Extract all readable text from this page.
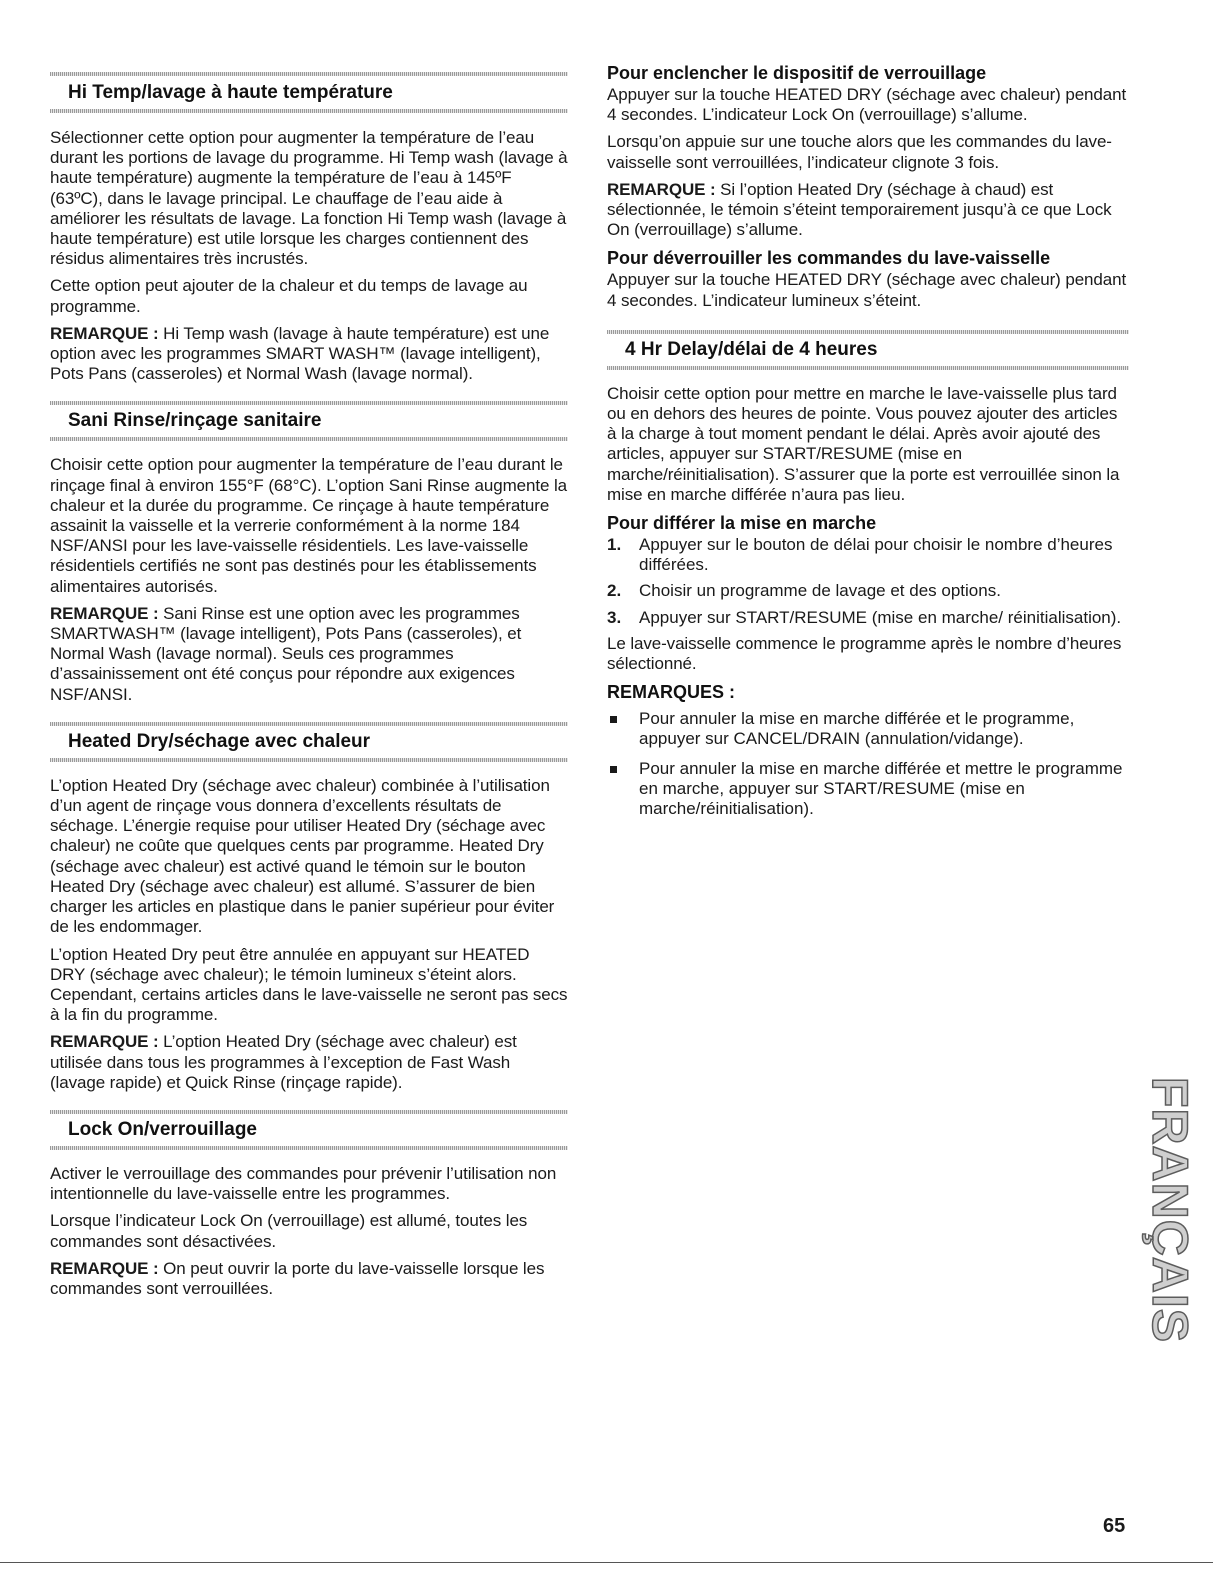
Hi Temp/lavage à haute température

Sélectionner cette option pour augmenter la température de l’eau durant les portions de lavage du programme. Hi Temp wash (lavage à haute température) augmente la température de l’eau à 145ºF (63ºC), dans le lavage principal. Le chauffage de l’eau aide à améliorer les résultats de lavage. La fonction Hi Temp wash (lavage à haute température) est utile lorsque les charges contiennent des résidus alimentaires très incrustés.

Cette option peut ajouter de la chaleur et du temps de lavage au programme.

REMARQUE : Hi Temp wash (lavage à haute température) est une option avec les programmes SMART WASH™ (lavage intelligent), Pots Pans (casseroles) et Normal Wash (lavage normal).

Sani Rinse/rinçage sanitaire

Choisir cette option pour augmenter la température de l’eau durant le rinçage final à environ 155°F (68°C). L’option Sani Rinse augmente la chaleur et la durée du programme. Ce rinçage à haute température assainit la vaisselle et la verrerie conformément à la norme 184 NSF/ANSI pour les lave-vaisselle résidentiels. Les lave-vaisselle résidentiels certifiés ne sont pas destinés pour les établissements alimentaires autorisés.

REMARQUE : Sani Rinse est une option avec les programmes SMARTWASH™ (lavage intelligent), Pots Pans (casseroles), et Normal Wash (lavage normal). Seuls ces programmes d’assainissement ont été conçus pour répondre aux exigences NSF/ANSI.

Heated Dry/séchage avec chaleur

L’option Heated Dry (séchage avec chaleur) combinée à l’utilisation d’un agent de rinçage vous donnera d’excellents résultats de séchage. L’énergie requise pour utiliser Heated Dry (séchage avec chaleur) ne coûte que quelques cents par programme. Heated Dry (séchage avec chaleur) est activé quand le témoin sur le bouton Heated Dry (séchage avec chaleur) est allumé. S’assurer de bien charger les articles en plastique dans le panier supérieur pour éviter de les endommager.

L’option Heated Dry peut être annulée en appuyant sur HEATED DRY (séchage avec chaleur); le témoin lumineux s’éteint alors. Cependant, certains articles dans le lave-vaisselle ne seront pas secs à la fin du programme.

REMARQUE : L’option Heated Dry (séchage avec chaleur) est utilisée dans tous les programmes à l’exception de Fast Wash (lavage rapide) et Quick Rinse (rinçage rapide).

Lock On/verrouillage

Activer le verrouillage des commandes pour prévenir l’utilisation non intentionnelle du lave-vaisselle entre les programmes.

Lorsque l’indicateur Lock On (verrouillage) est allumé, toutes les commandes sont désactivées.

REMARQUE : On peut ouvrir la porte du lave-vaisselle lorsque les commandes sont verrouillées.

Pour enclencher le dispositif de verrouillage

Appuyer sur la touche HEATED DRY (séchage avec chaleur) pendant 4 secondes. L’indicateur Lock On (verrouillage) s’allume.

Lorsqu’on appuie sur une touche alors que les commandes du lave-vaisselle sont verrouillées, l’indicateur clignote 3 fois.

REMARQUE : Si l’option Heated Dry (séchage à chaud) est sélectionnée, le témoin s’éteint temporairement jusqu’à ce que Lock On (verrouillage) s’allume.

Pour déverrouiller les commandes du lave-vaisselle

Appuyer sur la touche HEATED DRY (séchage avec chaleur) pendant 4 secondes. L’indicateur lumineux s’éteint.

4 Hr Delay/délai de 4 heures

Choisir cette option pour mettre en marche le lave-vaisselle plus tard ou en dehors des heures de pointe. Vous pouvez ajouter des articles à la charge à tout moment pendant le délai. Après avoir ajouté des articles, appuyer sur START/RESUME (mise en marche/réinitialisation). S’assurer que la porte est verrouillée sinon la mise en marche différée n’aura pas lieu.

Pour différer la mise en marche
1. Appuyer sur le bouton de délai pour choisir le nombre d’heures différées.
2. Choisir un programme de lavage et des options.
3. Appuyer sur START/RESUME (mise en marche/ réinitialisation).

Le lave-vaisselle commence le programme après le nombre d’heures sélectionné.

REMARQUES :
Pour annuler la mise en marche différée et le programme, appuyer sur CANCEL/DRAIN (annulation/vidange).
Pour annuler la mise en marche différée et mettre le programme en marche, appuyer sur START/RESUME (mise en marche/réinitialisation).
FRANÇAIS
65
